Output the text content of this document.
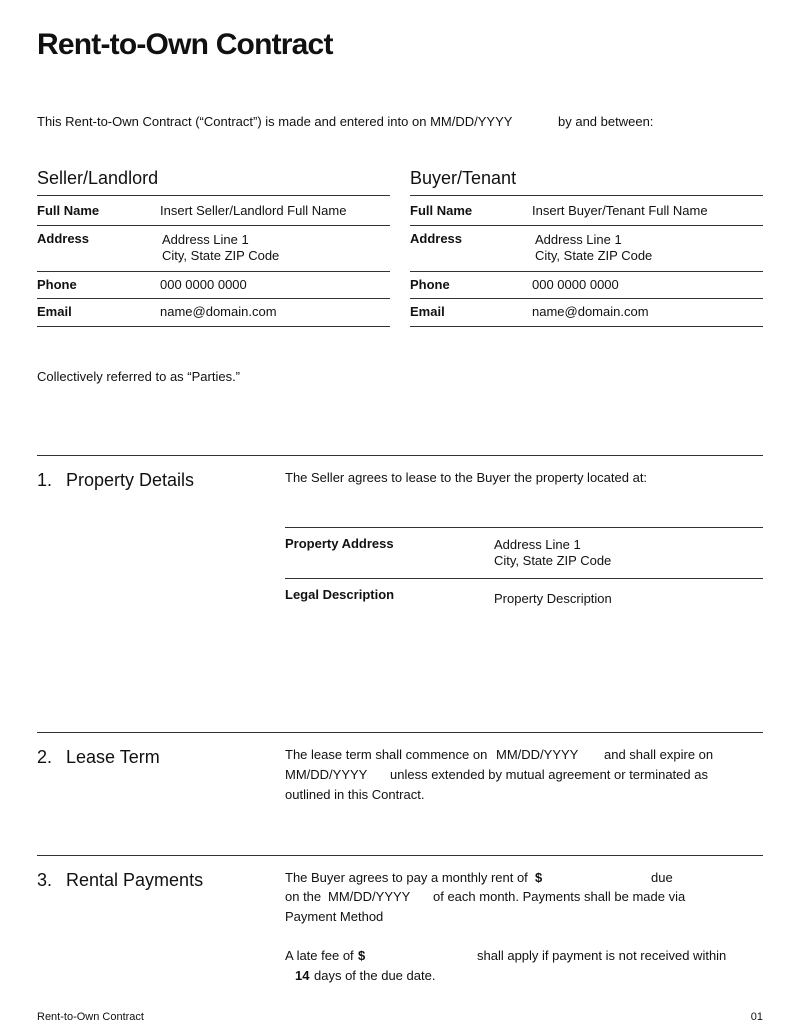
Rent-to-Own Contract
This Rent-to-Own Contract (“Contract”) is made and entered into on MM/DD/YYYY	by and between:
Seller/Landlord
Full Name	Insert Seller/Landlord Full Name
Address	Address Line 1
City, State ZIP Code
Phone	000 0000 0000
Email	name@domain.com
Buyer/Tenant
Full Name	Insert Buyer/Tenant Full Name
Address	Address Line 1
City, State ZIP Code
Phone	000 0000 0000
Email	name@domain.com
Collectively referred to as “Parties.”
1. Property Details	The Seller agrees to lease to the Buyer the property located at:
Property Address	Address Line 1
City, State ZIP Code
Legal Description	Property Description
2. Lease Term	The lease term shall commence on MM/DD/YYYY and shall expire on
MM/DD/YYYY unless extended by mutual agreement or terminated as
outlined in this Contract.
3. Rental Payments	The Buyer agrees to pay a monthly rent of $	due
on the MM/DD/YYYY of each month. Payments shall be made via
Payment Method
A late fee of $	shall apply if payment is not received within
14 days of the due date.
Rent-to-Own Contract	01
